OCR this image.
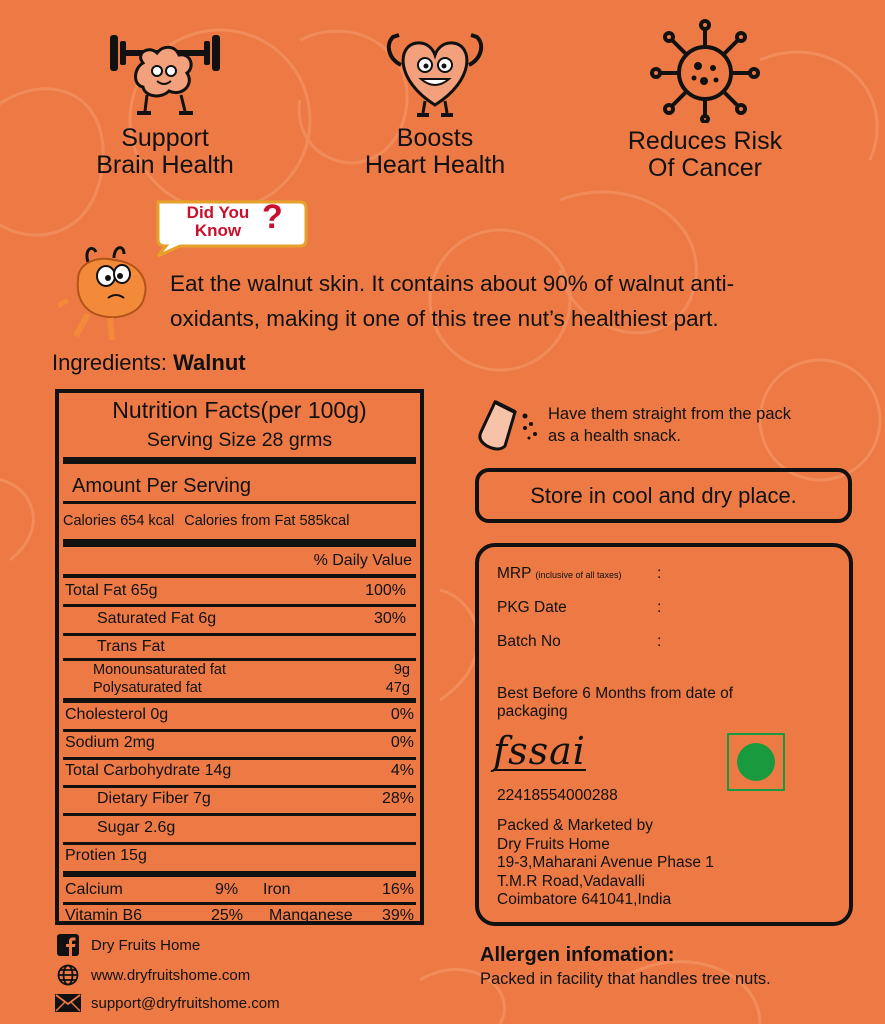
Support
Brain Health
Boosts
Heart Health
Reduces Risk
Of Cancer
Did You
Know ?
Eat the walnut skin. It contains about 90% of walnut anti-
oxidants, making it one of this tree nut’s healthiest part.
Ingredients: Walnut
Nutrition Facts(per 100g)
Serving Size 28 grms
Amount Per Serving
Calories 654 kcal Calories from Fat 585kcal
% Daily Value
Total Fat 65g	100%
Saturated Fat 6g	30%
Trans Fat
Monounsaturated fat	9g
Polysaturated fat	47g
Cholesterol 0g	0%
Sodium 2mg	0%
Total Carbohydrate 14g	4%
Dietary Fiber 7g	28%
Sugar 2.6g
Protien 15g
Calcium	9% Iron	16%
Vitamin B6	25% Manganese 39%
Have them straight from the pack
as a health snack.
Store in cool and dry place.
MRP (inclusive of all taxes) :
PKG Date	:
Batch No	:
Best Before 6 Months from date of
packaging
fssai
22418554000288
Packed & Marketed by
Dry Fruits Home
19-3,Maharani Avenue Phase 1
T.M.R Road,Vadavalli
Coimbatore 641041,India
Allergen infomation:
Packed in facility that handles tree nuts.
Dry Fruits Home
www.dryfruitshome.com
support@dryfruitshome.com
